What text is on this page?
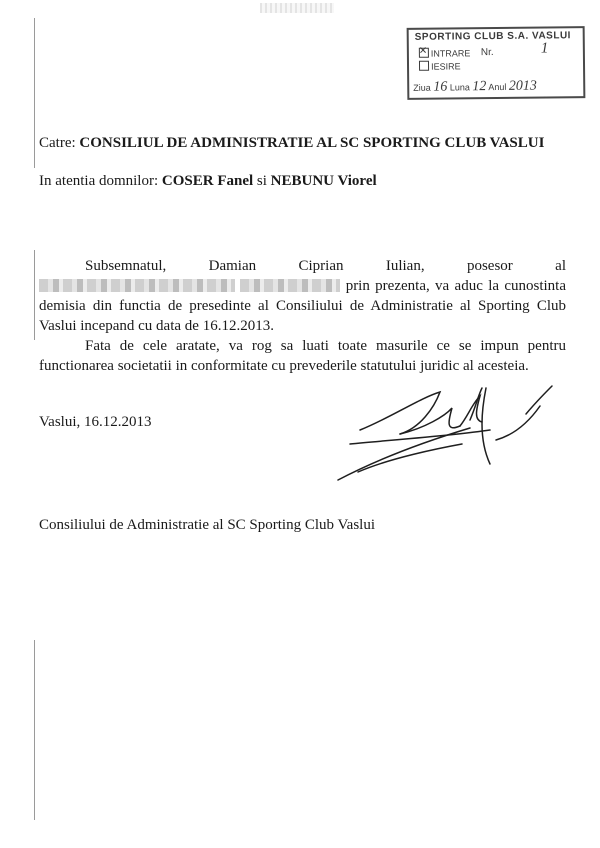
SPORTING CLUB S.A. VASLUI
✕INTRARE
IESIRE
Nr.	1
Ziua 16 Luna 12 Anul 2013
Catre: CONSILIUL DE ADMINISTRATIE AL SC SPORTING CLUB VASLUI
In atentia domnilor: COSER Fanel si NEBUNU Viorel
Subsemnatul, Damian Ciprian Iulian, posesor al   prin prezenta, va aduc la cunostinta demisia din functia de presedinte al Consiliului de Administratie al Sporting Club Vaslui incepand cu data de 16.12.2013.
Fata de cele aratate, va rog sa luati toate masurile ce se impun pentru functionarea societatii in conformitate cu prevederile statutului juridic al acesteia.
Vaslui, 16.12.2013
Consiliului de Administratie al SC Sporting Club Vaslui
